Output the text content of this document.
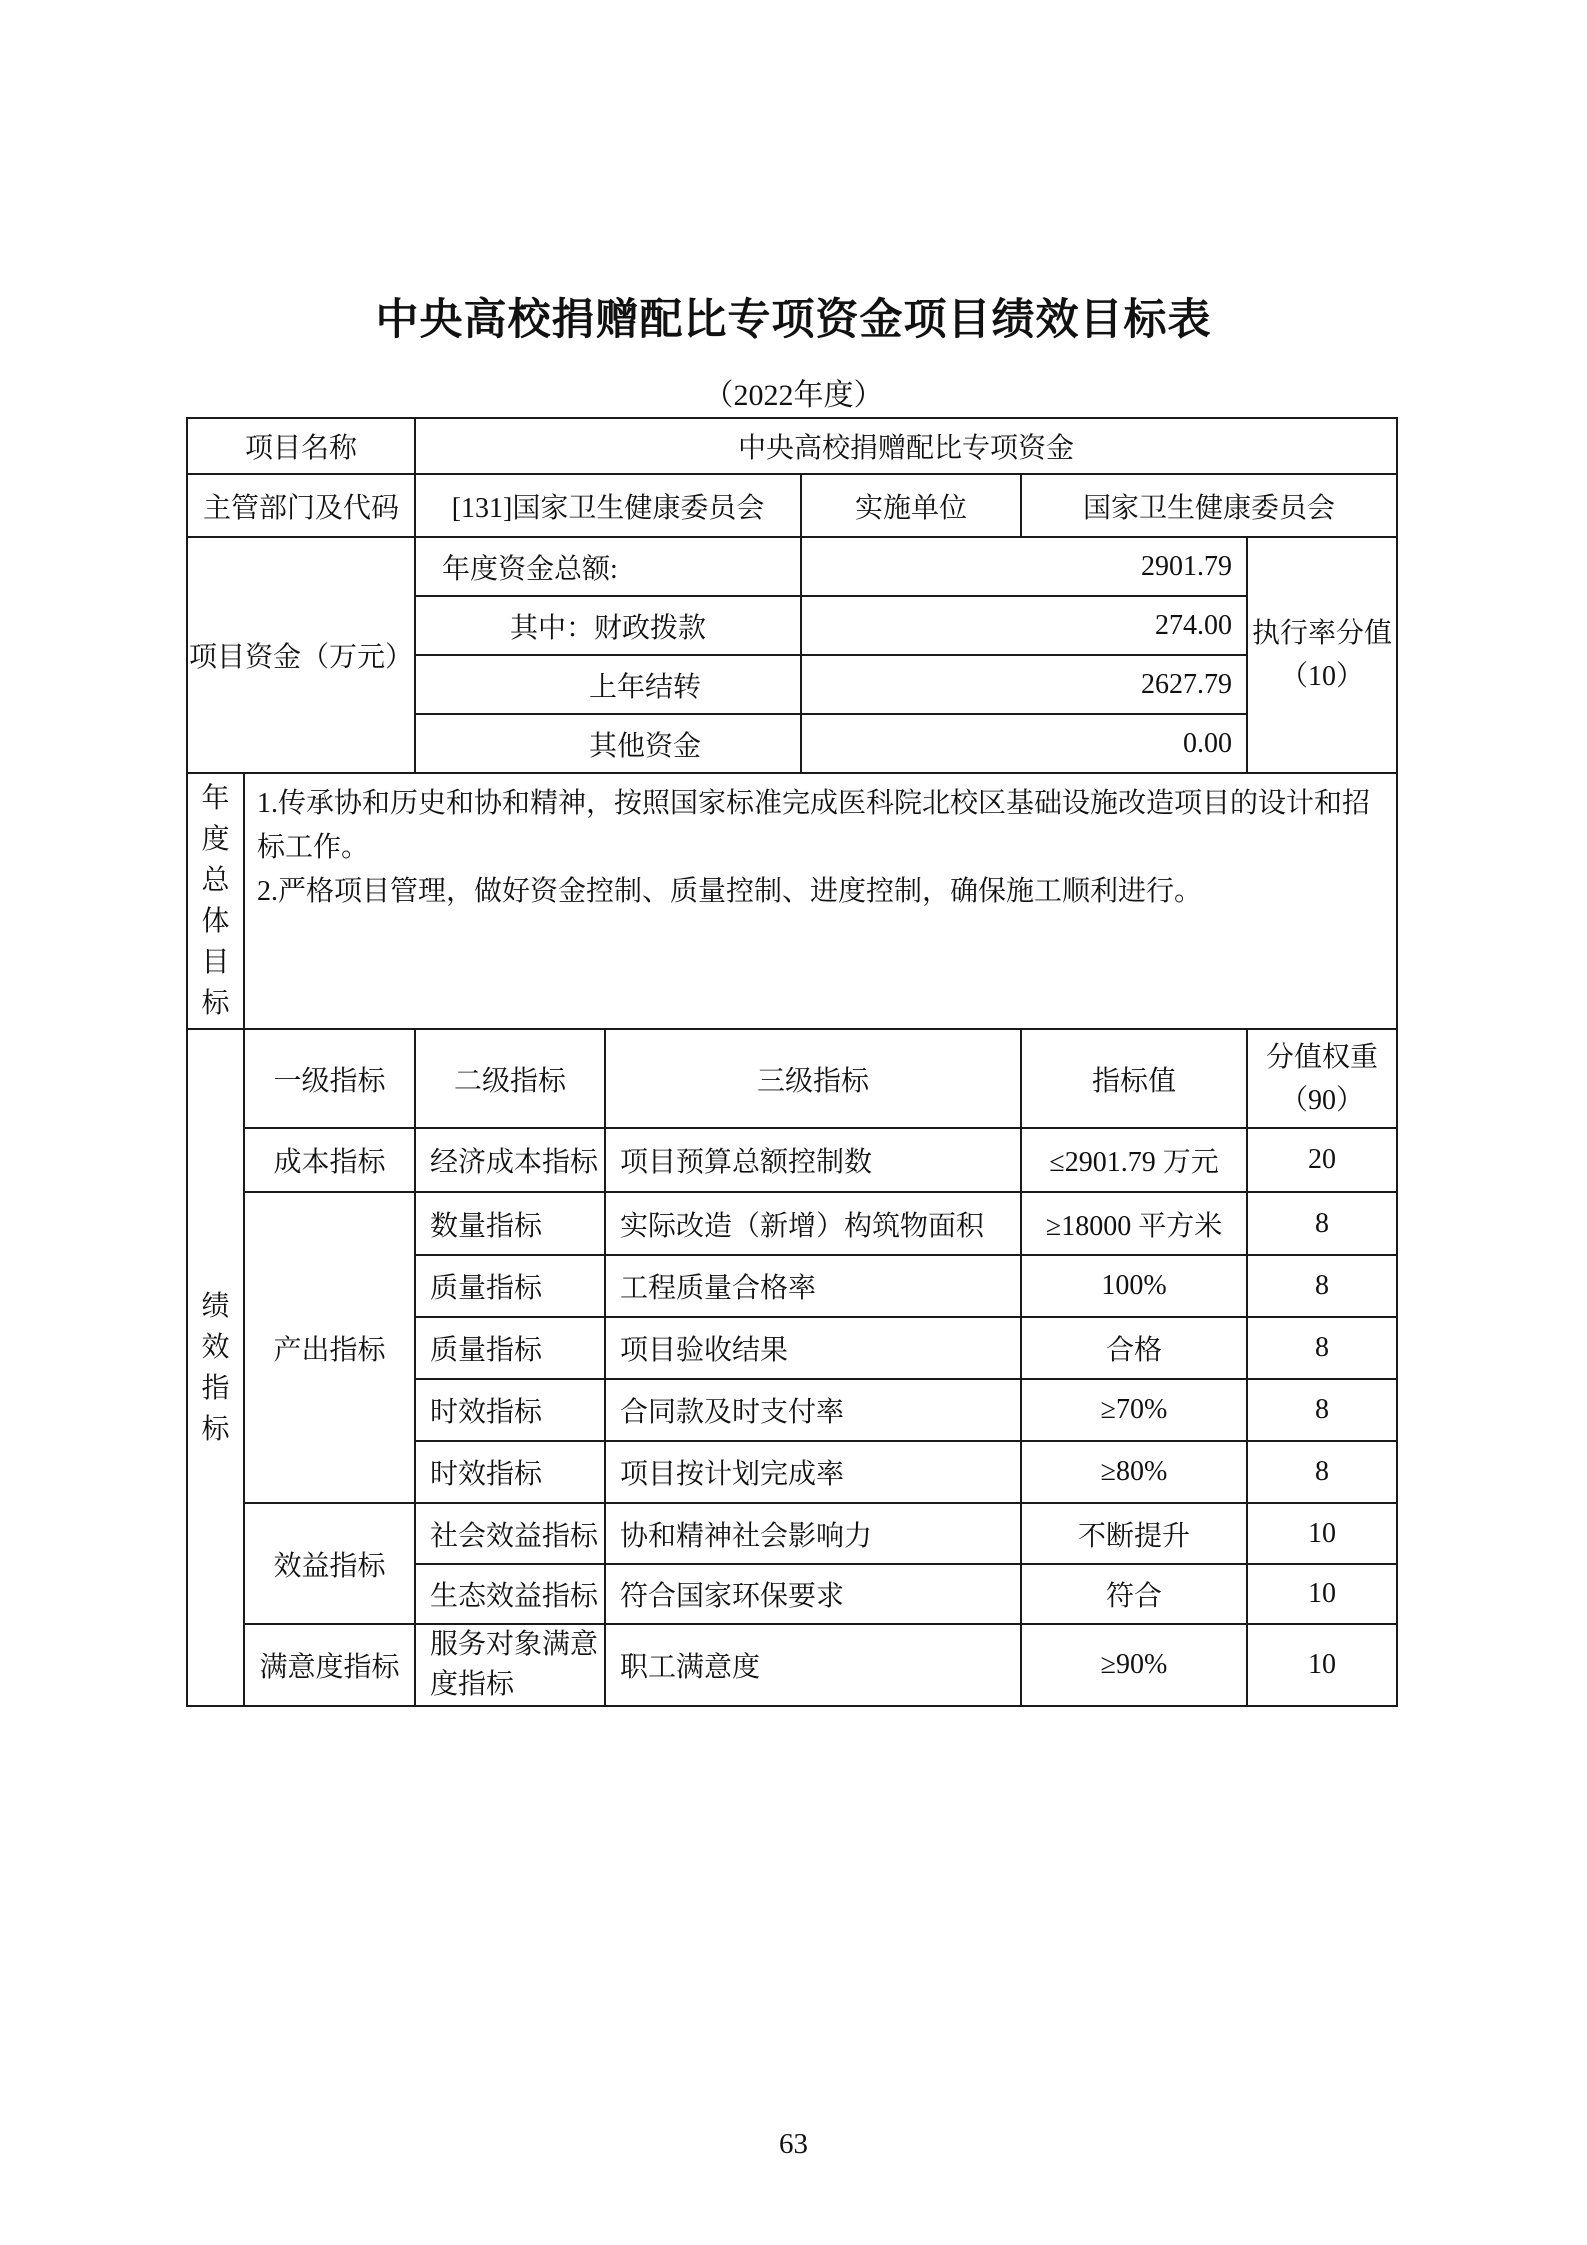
中央高校捐赠配比专项资金项目绩效目标表
（2022年度）
项目名称		中央高校捐赠配比专项资金				
主管部门及代码		[131]国家卫生健康委员会		实施单位	国家卫生健康委员会	
项目资金（万元）		年度资金总额:		2901.79		执行率分值
（10）

		其中：财政拨款		274.00		
		上年结转		2627.79		
		其他资金		0.00		
年度总体目标	1.传承协和历史和协和精神，按照国家标准完成医科院北校区基础设施改造项目的设计和招标工作。
2.严格项目管理，做好资金控制、质量控制、进度控制，确保施工顺利进行。					

绩效指标	一级指标	二级指标	三级指标		指标值	分值权重
（90）

	成本指标	经济成本指标	项目预算总额控制数		≤2901.79 万元	20
	产出指标	数量指标	实际改造（新增）构筑物面积		≥18000 平方米	8
		质量指标	工程质量合格率		100%	8
		质量指标	项目验收结果		合格	8
		时效指标	合同款及时支付率		≥70%	8
		时效指标	项目按计划完成率		≥80%	8
	效益指标	社会效益指标	协和精神社会影响力		不断提升	10
		生态效益指标	符合国家环保要求		符合	10
	满意度指标	服务对象满意度指标	职工满意度		≥90%	10
63
